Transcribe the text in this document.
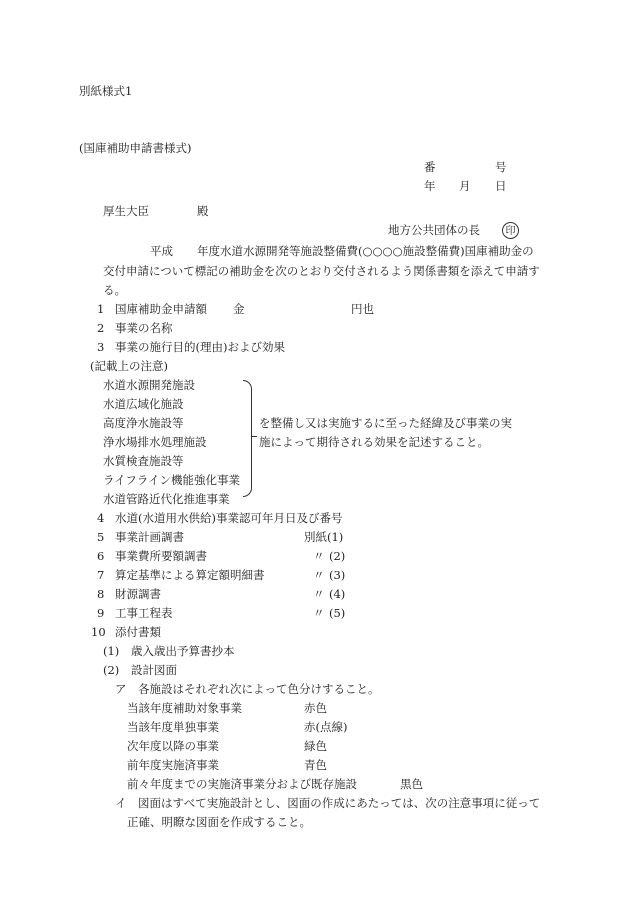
別紙様式1
(国庫補助申請書様式)
番	号
年 月 日
厚生大臣	殿
地方公共団体の長	印
平成 年度水道水源開発等施設整備費(○○○○施設整備費)国庫補助金の
交付申請について標記の補助金を次のとおり交付されるよう関係書類を添えて申請す
る。
1 国庫補助金申請額 金	円也
2 事業の名称
3 事業の施行目的(理由)および効果
(記載上の注意)
水道水源開発施設
水道広域化施設
高度浄水施設等
浄水場排水処理施設
水質検査施設等
ライフライン機能強化事業
水道管路近代化推進事業
を整備し又は実施するに至った経緯及び事業の実
施によって期待される効果を記述すること。
4 水道(水道用水供給)事業認可年月日及び番号
5 事業計画調書	別紙(1)
6 事業費所要額調書	〃 (2)
7 算定基準による算定額明細書	〃 (3)
8 財源調書	〃 (4)
9 工事工程表	〃 (5)
10 添付書類
(1) 歳入歳出予算書抄本
(2) 設計図面
ア 各施設はそれぞれ次によって色分けすること。
当該年度補助対象事業	赤色
当該年度単独事業	赤(点線)
次年度以降の事業	緑色
前年度実施済事業	青色
前々年度までの実施済事業分および既存施設	黒色
イ 図面はすべて実施設計とし、図面の作成にあたっては、次の注意事項に従って
正確、明瞭な図面を作成すること。
